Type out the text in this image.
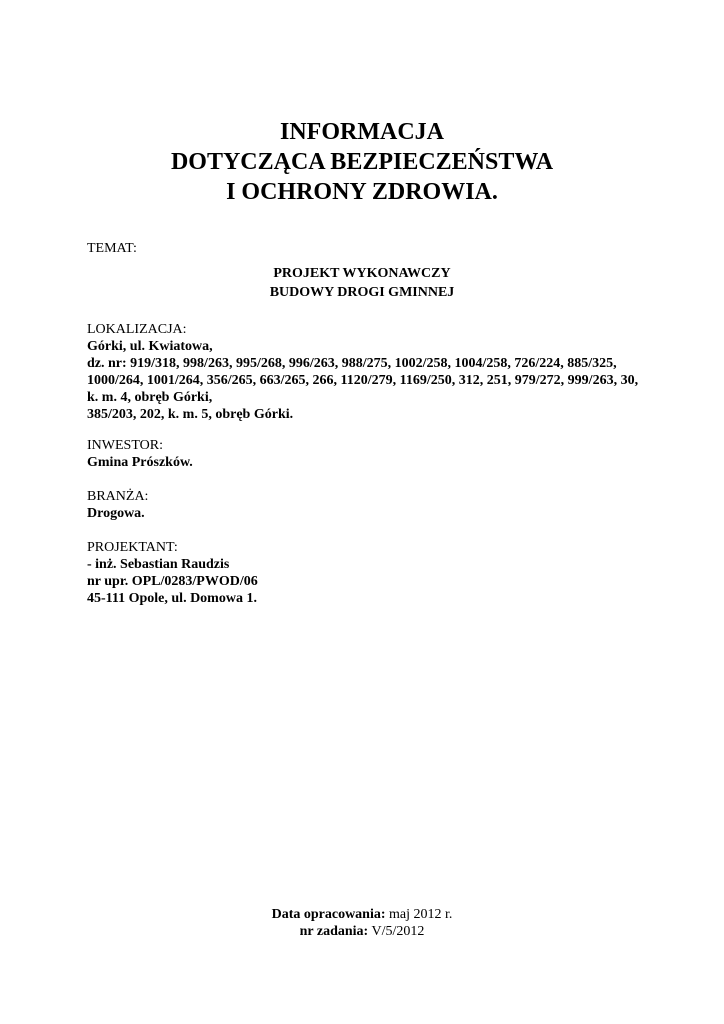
INFORMACJA
DOTYCZĄCA BEZPIECZEŃSTWA
I OCHRONY ZDROWIA.
TEMAT:
PROJEKT WYKONAWCZY
BUDOWY DROGI GMINNEJ
LOKALIZACJA:
Górki, ul. Kwiatowa,
dz. nr: 919/318, 998/263, 995/268, 996/263, 988/275, 1002/258, 1004/258, 726/224, 885/325,
1000/264, 1001/264, 356/265, 663/265, 266, 1120/279, 1169/250, 312, 251, 979/272, 999/263, 30,
k. m. 4, obręb Górki,
385/203, 202, k. m. 5, obręb Górki.
INWESTOR:
Gmina Prószków.
BRANŻA:
Drogowa.
PROJEKTANT:
- inż. Sebastian Raudzis
nr upr. OPL/0283/PWOD/06
45-111 Opole, ul. Domowa 1.
Data opracowania: maj 2012 r.
nr zadania: V/5/2012
